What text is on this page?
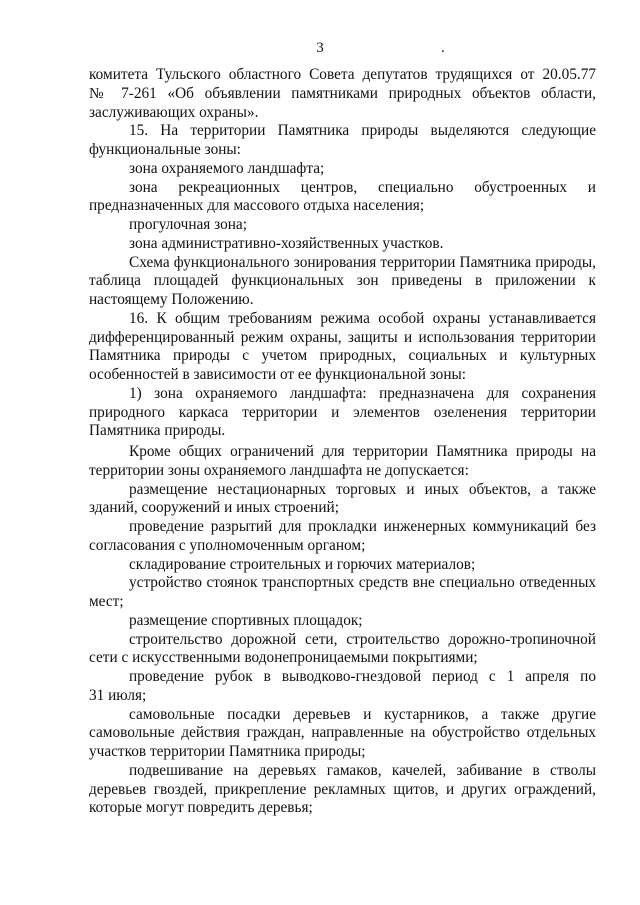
3	.

комитета Тульского областного Совета депутатов трудящихся от 20.05.77

№ 7-261 «Об объявлении памятниками природных объектов области,

заслуживающих охраны».

15. На территории Памятника природы выделяются следующие

функциональные зоны:

зона охраняемого ландшафта;

зона рекреационных центров, специально обустроенных и

предназначенных для массового отдыха населения;

прогулочная зона;

зона административно-хозяйственных участков.

Схема функционального зонирования территории Памятника природы,

таблица площадей функциональных зон приведены в приложении к

настоящему Положению.

16. К общим требованиям режима особой охраны устанавливается

дифференцированный режим охраны, защиты и использования территории

Памятника природы с учетом природных, социальных и культурных

особенностей в зависимости от ее функциональной зоны:

1) зона охраняемого ландшафта: предназначена для сохранения

природного каркаса территории и элементов озеленения территории

Памятника природы.

Кроме общих ограничений для территории Памятника природы на

территории зоны охраняемого ландшафта не допускается:

размещение нестационарных торговых и иных объектов, а также

зданий, сооружений и иных строений;

проведение разрытий для прокладки инженерных коммуникаций без

согласования с уполномоченным органом;

складирование строительных и горючих материалов;

устройство стоянок транспортных средств вне специально отведенных

мест;

размещение спортивных площадок;

строительство дорожной сети, строительство дорожно-тропиночной

сети с искусственными водонепроницаемыми покрытиями;

проведение рубок в выводково-гнездовой период с 1 апреля по

31 июля;

самовольные посадки деревьев и кустарников, а также другие

самовольные действия граждан, направленные на обустройство отдельных

участков территории Памятника природы;

подвешивание на деревьях гамаков, качелей, забивание в стволы

деревьев гвоздей, прикрепление рекламных щитов, и других ограждений,

которые могут повредить деревья;
